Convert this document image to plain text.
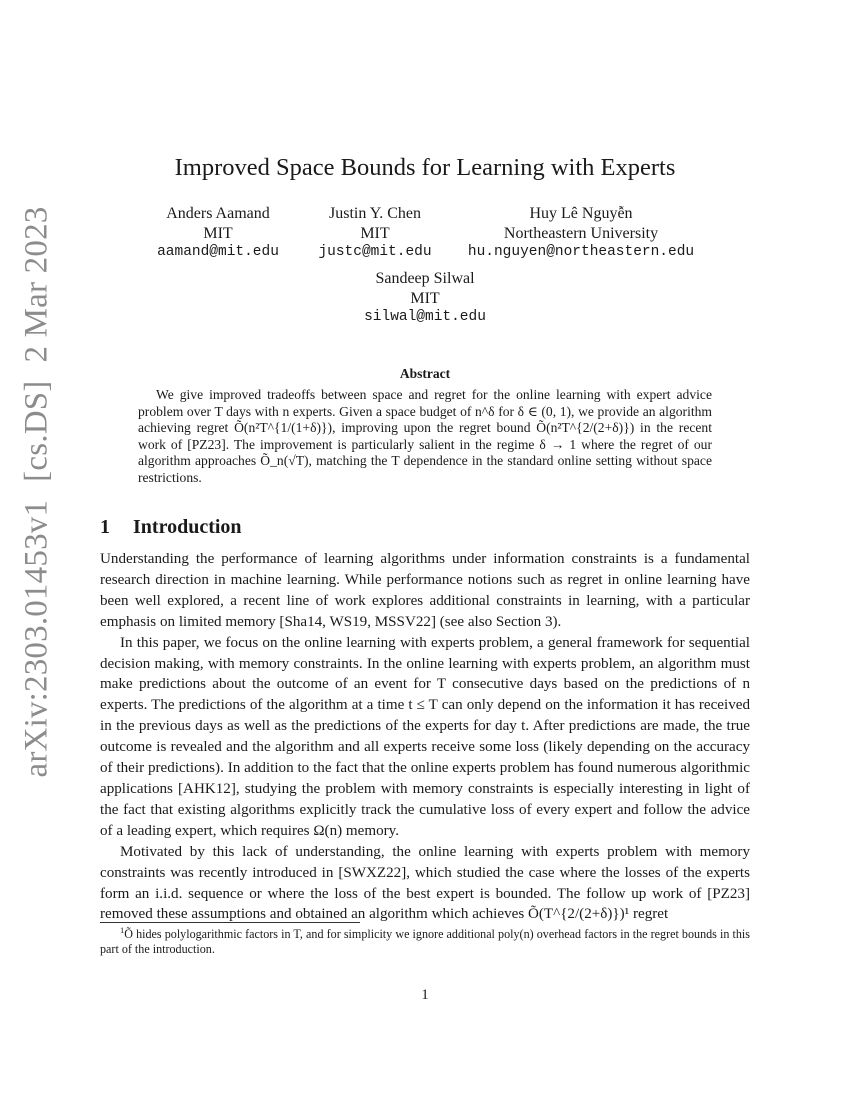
arXiv:2303.01453v1[cs.DS]2 Mar 2023
Improved Space Bounds for Learning with Experts
Anders Aamand
MIT
aamand@mit.edu
Justin Y. Chen
MIT
justc@mit.edu
Huy Lê Nguyễn
Northeastern University
hu.nguyen@northeastern.edu
Sandeep Silwal
MIT
silwal@mit.edu
Abstract

We give improved tradeoffs between space and regret for the online learning with expert advice problem over T days with n experts. Given a space budget of n^δ for δ ∈ (0, 1), we provide an algorithm achieving regret Õ(n²T^{1/(1+δ)}), improving upon the regret bound Õ(n²T^{2/(2+δ)}) in the recent work of [PZ23]. The improvement is particularly salient in the regime δ → 1 where the regret of our algorithm approaches Õ_n(√T), matching the T dependence in the standard online setting without space restrictions.

1 Introduction

Understanding the performance of learning algorithms under information constraints is a fundamental research direction in machine learning. While performance notions such as regret in online learning have been well explored, a recent line of work explores additional constraints in learning, with a particular emphasis on limited memory [Sha14, WS19, MSSV22] (see also Section 3).

In this paper, we focus on the online learning with experts problem, a general framework for sequential decision making, with memory constraints. In the online learning with experts problem, an algorithm must make predictions about the outcome of an event for T consecutive days based on the predictions of n experts. The predictions of the algorithm at a time t ≤ T can only depend on the information it has received in the previous days as well as the predictions of the experts for day t. After predictions are made, the true outcome is revealed and the algorithm and all experts receive some loss (likely depending on the accuracy of their predictions). In addition to the fact that the online experts problem has found numerous algorithmic applications [AHK12], studying the problem with memory constraints is especially interesting in light of the fact that existing algorithms explicitly track the cumulative loss of every expert and follow the advice of a leading expert, which requires Ω(n) memory.

Motivated by this lack of understanding, the online learning with experts problem with memory constraints was recently introduced in [SWXZ22], which studied the case where the losses of the experts form an i.i.d. sequence or where the loss of the best expert is bounded. The follow up work of [PZ23] removed these assumptions and obtained an algorithm which achieves Õ(T^{2/(2+δ)})¹ regret

$^1$Õ hides polylogarithmic factors in T, and for simplicity we ignore additional poly(n) overhead factors in the regret bounds in this part of the introduction.

1
